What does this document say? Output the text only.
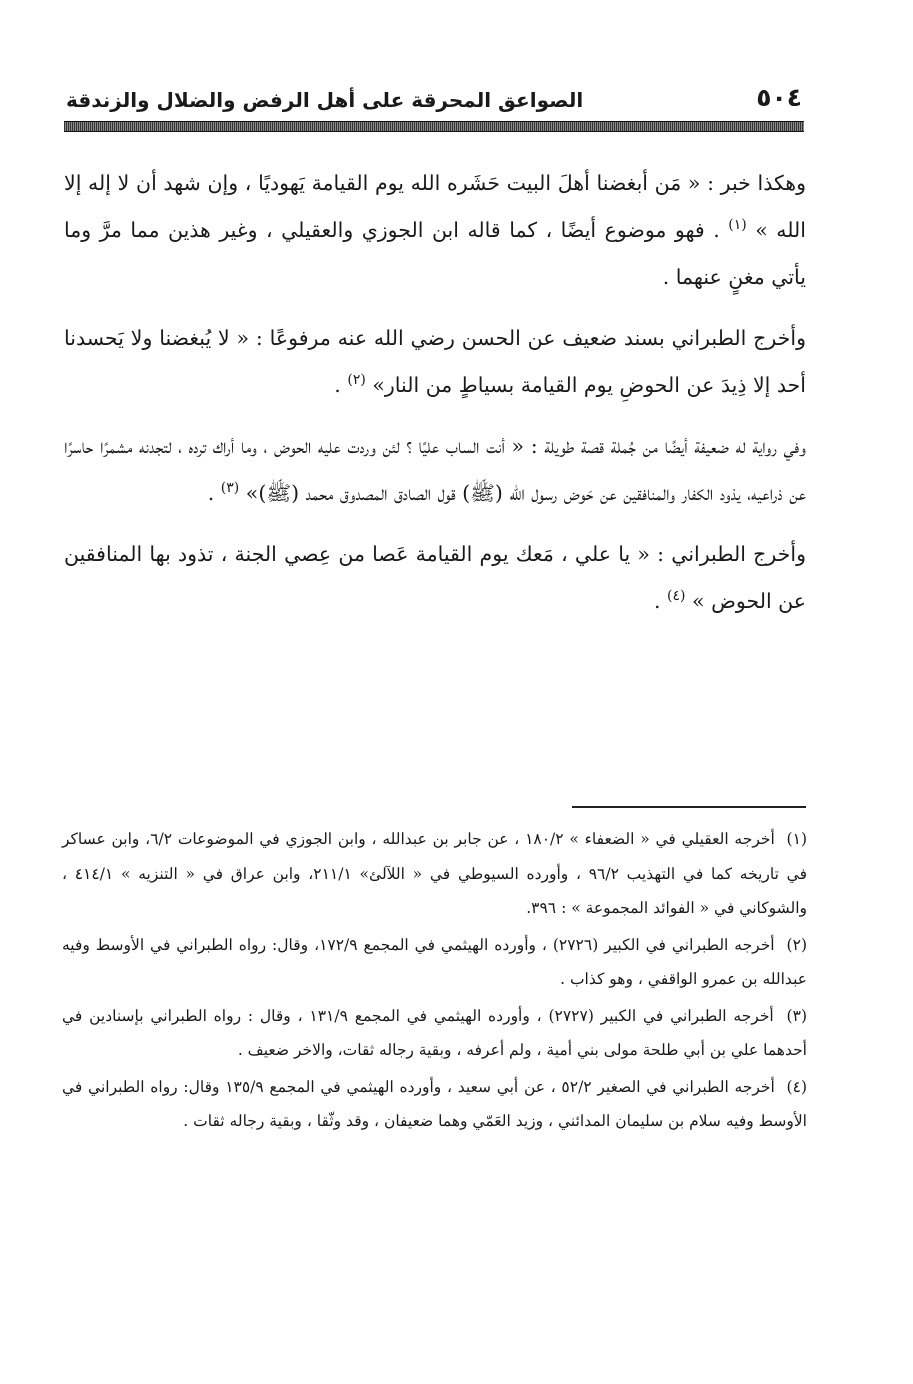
٥٠٤
الصواعق المحرقة على أهل الرفض والضلال والزندقة

وهكذا خبر : « مَن أبغضنا أهلَ البيت حَشَره الله يوم القيامة يَهوديًا ، وإن شهد أن لا إله إلا الله » $^{(١)}$ . فهو موضوع أيضًا ، كما قاله ابن الجوزي والعقيلي ، وغير هذين مما مرَّ وما يأتي مغنٍ عنهما .

وأخرج الطبراني بسند ضعيف عن الحسن رضي الله عنه مرفوعًا : « لا يُبغضنا ولا يَحسدنا أحد إلا ذِيدَ عن الحوضِ يوم القيامة بسياطٍ من النار» $^{(٢)}$ .

وفي رواية له ضعيفة أيضًا من جُملة قصة طويلة : « أنت الساب عليًا ؟ لئن وردت عليه الحوض ، وما أراك ترده ، لتجدنه مشمرًا حاسرًا عن ذراعيه، يذود الكفار والمنافقين عن حَوض رسول الله (ﷺ) قول الصادق المصدوق محمد (ﷺ)» $^{(٣)}$ .

وأخرج الطبراني : « يا علي ، مَعك يوم القيامة عَصا من عِصي الجنة ، تذود بها المنافقين عن الحوض » $^{(٤)}$ .

(١) أخرجه العقيلي في « الضعفاء » ١٨٠/٢ ، عن جابر بن عبدالله ، وابن الجوزي في الموضوعات ٦/٢، وابن عساكر في تاريخه كما في التهذيب ٩٦/٢ ، وأورده السيوطي في « اللآلئ» ٢١١/١، وابن عراق في « التنزيه » ٤١٤/١ ، والشوكاني في « الفوائد المجموعة » : ٣٩٦.

(٢) أخرجه الطبراني في الكبير (٢٧٢٦) ، وأورده الهيثمي في المجمع ١٧٢/٩، وقال: رواه الطبراني في الأوسط وفيه عبدالله بن عمرو الواقفي ، وهو كذاب .

(٣) أخرجه الطبراني في الكبير (٢٧٢٧) ، وأورده الهيثمي في المجمع ١٣١/٩ ، وقال : رواه الطبراني بإسنادين في أحدهما علي بن أبي طلحة مولى بني أمية ، ولم أعرفه ، وبقية رجاله ثقات، والاخر ضعيف .

(٤) أخرجه الطبراني في الصغير ٥٢/٢ ، عن أبي سعيد ، وأورده الهيثمي في المجمع ١٣٥/٩ وقال: رواه الطبراني في الأوسط وفيه سلام بن سليمان المدائني ، وزيد العَمّي وهما ضعيفان ، وقد وثّقا ، وبقية رجاله ثقات .
